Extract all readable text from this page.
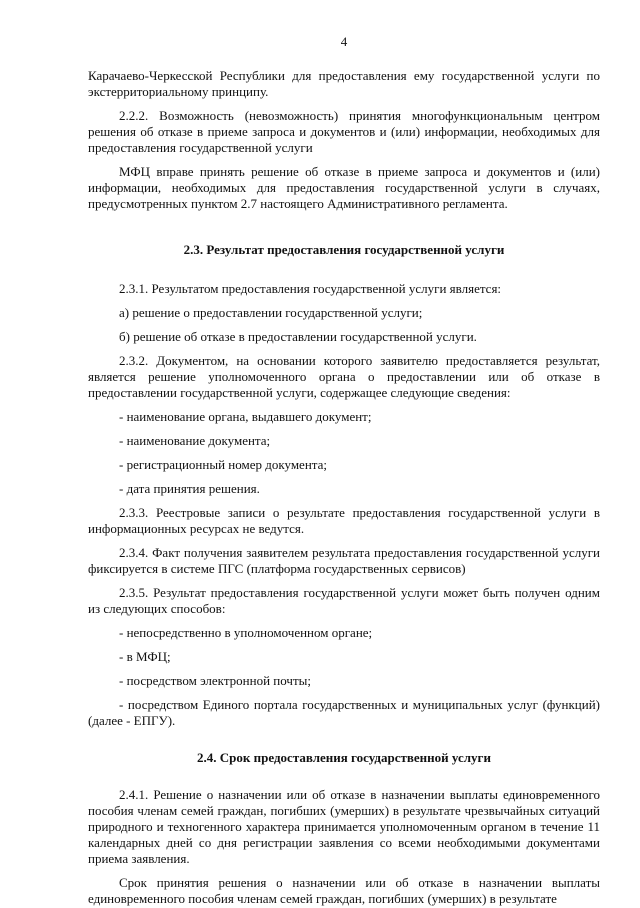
4

Карачаево-Черкесской Республики для предоставления ему государственной услуги по экстерриториальному принципу.

2.2.2. Возможность (невозможность) принятия многофункциональным центром решения об отказе в приеме запроса и документов и (или) информации, необходимых для предоставления государственной услуги

МФЦ вправе принять решение об отказе в приеме запроса и документов и (или) информации, необходимых для предоставления государственной услуги в случаях, предусмотренных пунктом 2.7 настоящего Административного регламента.

2.3. Результат предоставления государственной услуги

2.3.1. Результатом предоставления государственной услуги является:

а) решение о предоставлении государственной услуги;

б) решение об отказе в предоставлении государственной услуги.

2.3.2. Документом, на основании которого заявителю предоставляется результат, является решение уполномоченного органа о предоставлении или об отказе в предоставлении государственной услуги, содержащее следующие сведения:

- наименование органа, выдавшего документ;

- наименование документа;

- регистрационный номер документа;

- дата принятия решения.

2.3.3. Реестровые записи о результате предоставления государственной услуги в информационных ресурсах не ведутся.

2.3.4. Факт получения заявителем результата предоставления государственной услуги фиксируется в системе ПГС (платформа государственных сервисов)

2.3.5. Результат предоставления государственной услуги может быть получен одним из следующих способов:

- непосредственно в уполномоченном органе;

- в МФЦ;

- посредством электронной почты;

- посредством Единого портала государственных и муниципальных услуг (функций) (далее - ЕПГУ).

2.4. Срок предоставления государственной услуги

2.4.1. Решение о назначении или об отказе в назначении выплаты единовременного пособия членам семей граждан, погибших (умерших) в результате чрезвычайных ситуаций природного и техногенного характера принимается уполномоченным органом в течение 11 календарных дней со дня регистрации заявления со всеми необходимыми документами приема заявления.

Срок принятия решения о назначении или об отказе в назначении выплаты единовременного пособия членам семей граждан, погибших (умерших) в результате
